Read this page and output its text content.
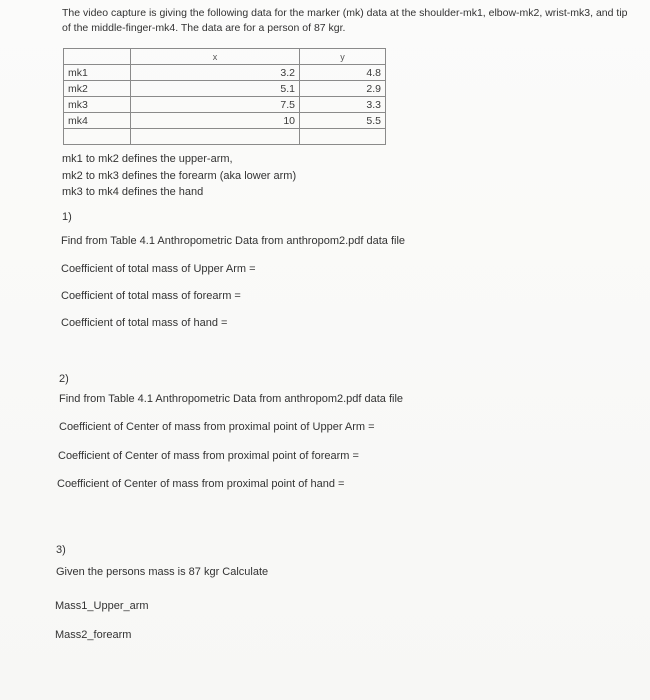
The video capture is giving the following data for the marker (mk) data at the shoulder-mk1, elbow-mk2, wrist-mk3, and tip of the middle-finger-mk4. The data are for a person of 87 kgr.
	x	y
mk1	3.2	4.8
mk2	5.1	2.9
mk3	7.5	3.3
mk4	10	5.5

mk1 to mk2 defines the upper-arm,
mk2 to mk3 defines the forearm (aka lower arm)
mk3 to mk4 defines the hand
1)
Find from Table 4.1 Anthropometric Data from anthropom2.pdf data file
Coefficient of total mass of Upper Arm =
Coefficient of total mass of forearm =
Coefficient of total mass of hand =
2)
Find from Table 4.1 Anthropometric Data from anthropom2.pdf data file
Coefficient of Center of mass from proximal point of Upper Arm =
Coefficient of Center of mass from proximal point of forearm =
Coefficient of Center of mass from proximal point of hand =
3)
Given the persons mass is 87 kgr Calculate
Mass1_Upper_arm
Mass2_forearm
